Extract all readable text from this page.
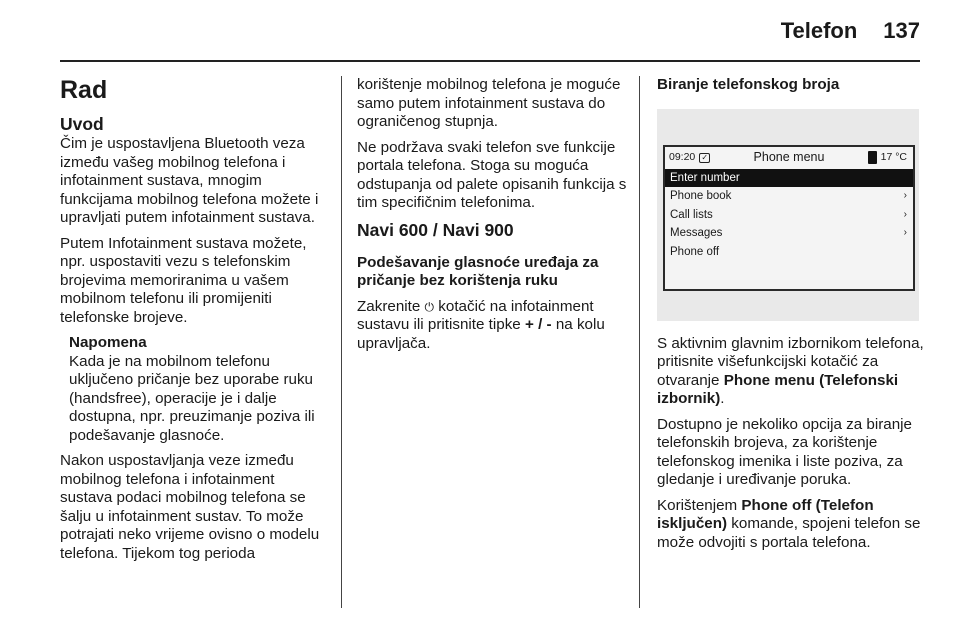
Telefon 137
Rad
Uvod

Čim je uspostavljena Bluetooth veza između vašeg mobilnog telefona i infotainment sustava, mnogim funkcijama mobilnog telefona možete i upravljati putem infotainment sustava.

Putem Infotainment sustava možete, npr. uspostaviti vezu s telefonskim brojevima memoriranima u vašem mobilnom telefonu ili promijeniti telefonske brojeve.

Napomena
Kada je na mobilnom telefonu uključeno pričanje bez uporabe ruku (handsfree), operacije je i dalje dostupna, npr. preuzimanje poziva ili podešavanje glasnoće.

Nakon uspostavljanja veze između mobilnog telefona i infotainment sustava podaci mobilnog telefona se šalju u infotainment sustav. To može potrajati neko vrijeme ovisno o modelu telefona. Tijekom tog perioda

korištenje mobilnog telefona je moguće samo putem infotainment sustava do ograničenog stupnja.

Ne podržava svaki telefon sve funkcije portala telefona. Stoga su moguća odstupanja od palete opisanih funkcija s tim specifičnim telefonima.

Navi 600 / Navi 900

Podešavanje glasnoće uređaja za pričanje bez korištenja ruku

Zakrenite ⏻ kotačić na infotainment sustavu ili pritisnite tipke + / - na kolu upravljača.

Biranje telefonskog broja
09:20 ✓	Phone menu	17 °C
Enter number
Phone book	›
Call lists	›
Messages	›
Phone off

S aktivnim glavnim izbornikom telefona, pritisnite višefunkcijski kotačić za otvaranje Phone menu (Telefonski izbornik).

Dostupno je nekoliko opcija za biranje telefonskih brojeva, za korištenje telefonskog imenika i liste poziva, za gledanje i uređivanje poruka.

Korištenjem Phone off (Telefon isključen) komande, spojeni telefon se može odvojiti s portala telefona.
